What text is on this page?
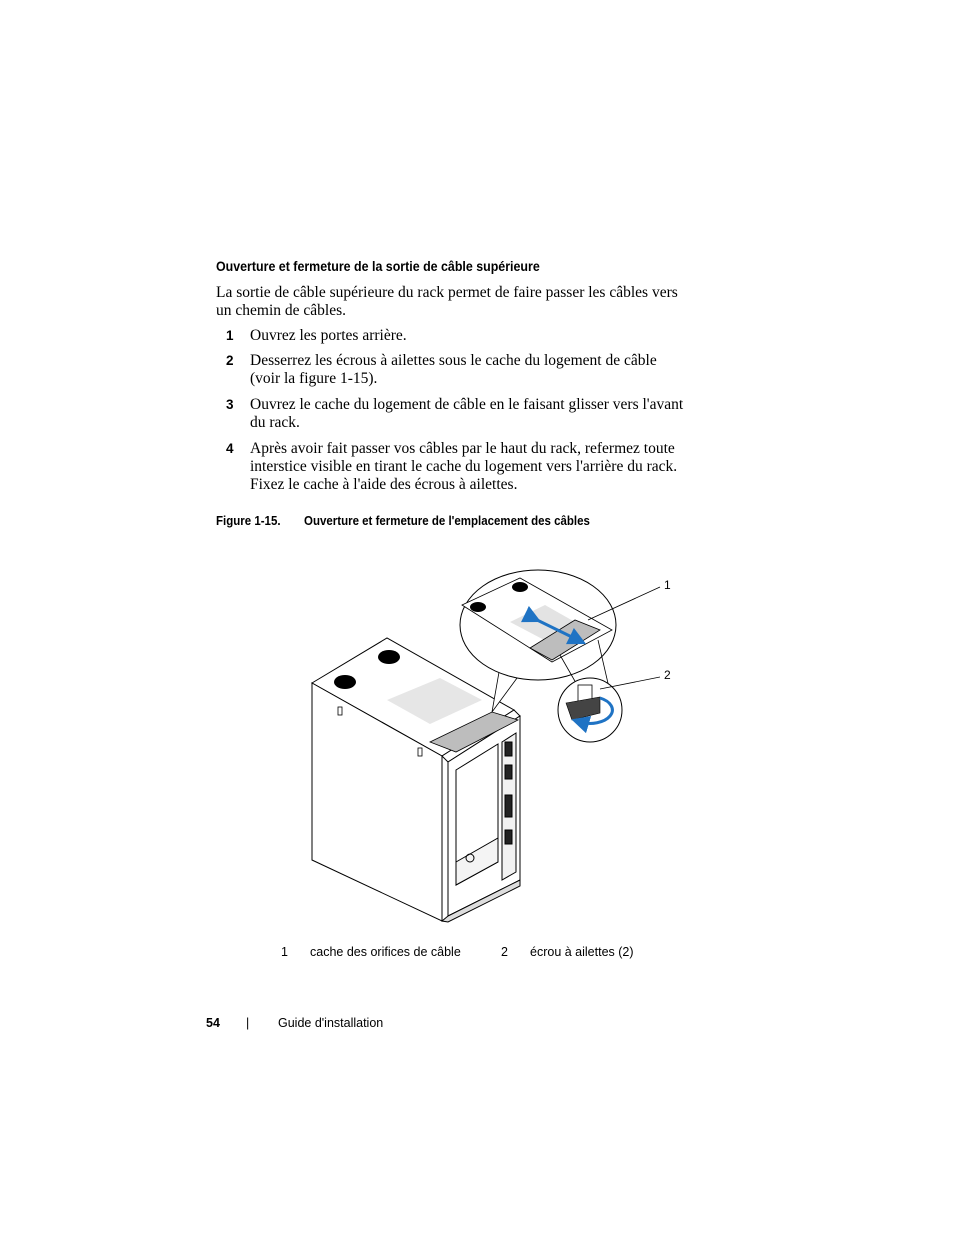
Ouverture et fermeture de la sortie de câble supérieure
La sortie de câble supérieure du rack permet de faire passer les câbles vers un chemin de câbles.
1 Ouvrez les portes arrière.
2 Desserrez les écrous à ailettes sous le cache du logement de câble (voir la figure 1-15).
3 Ouvrez le cache du logement de câble en le faisant glisser vers l'avant du rack.
4 Après avoir fait passer vos câbles par le haut du rack, refermez toute interstice visible en tirant le cache du logement vers l'arrière du rack. Fixez le cache à l'aide des écrous à ailettes.
Figure 1-15. Ouverture et fermeture de l'emplacement des câbles
1
2
1 cache des orifices de câble	2 écrou à ailettes (2)
54 | Guide d'installation
